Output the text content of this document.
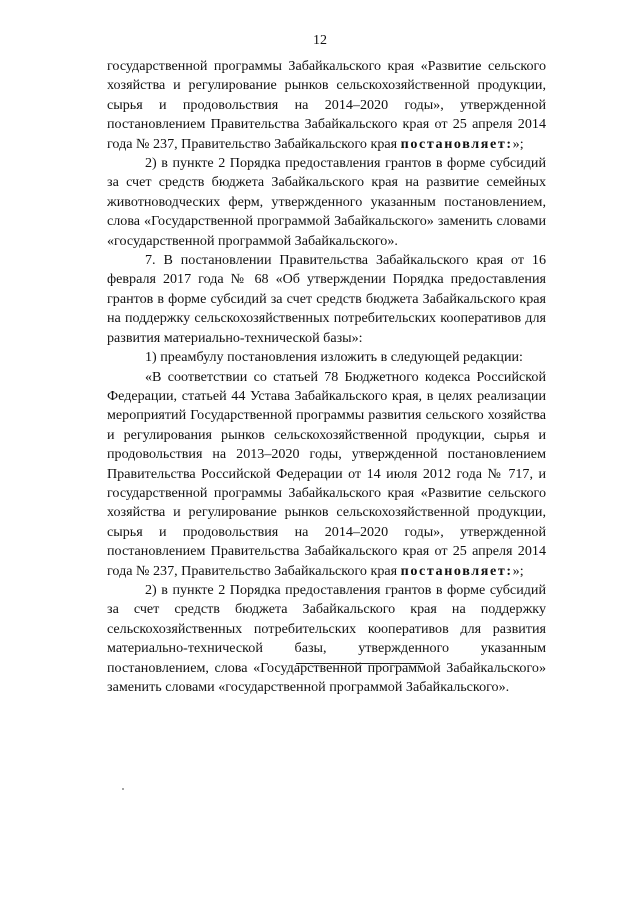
12

государственной программы Забайкальского края «Развитие сельского хозяйства и регулирование рынков сельскохозяйственной продукции, сырья и продовольствия на 2014–2020 годы», утвержденной постановлением Правительства Забайкальского края от 25 апреля 2014 года № 237, Правительство Забайкальского края постановляет:»;

2) в пункте 2 Порядка предоставления грантов в форме субсидий за счет средств бюджета Забайкальского края на развитие семейных животноводческих ферм, утвержденного указанным постановлением, слова «Государственной программой Забайкальского» заменить словами «государственной программой Забайкальского».

7. В постановлении Правительства Забайкальского края от 16 февраля 2017 года № 68 «Об утверждении Порядка предоставления грантов в форме субсидий за счет средств бюджета Забайкальского края на поддержку сельскохозяйственных потребительских кооперативов для развития материально-технической базы»:

1) преамбулу постановления изложить в следующей редакции:

«В соответствии со статьей 78 Бюджетного кодекса Российской Федерации, статьей 44 Устава Забайкальского края, в целях реализации мероприятий Государственной программы развития сельского хозяйства и регулирования рынков сельскохозяйственной продукции, сырья и продовольствия на 2013–2020 годы, утвержденной постановлением Правительства Российской Федерации от 14 июля 2012 года № 717, и государственной программы Забайкальского края «Развитие сельского хозяйства и регулирование рынков сельскохозяйственной продукции, сырья и продовольствия на 2014–2020 годы», утвержденной постановлением Правительства Забайкальского края от 25 апреля 2014 года № 237, Правительство Забайкальского края постановляет:»;

2) в пункте 2 Порядка предоставления грантов в форме субсидий за счет средств бюджета Забайкальского края на поддержку сельскохозяйственных потребительских кооперативов для развития материально-технической базы, утвержденного указанным постановлением, слова «Государственной программой Забайкальского» заменить словами «государственной программой Забайкальского».
